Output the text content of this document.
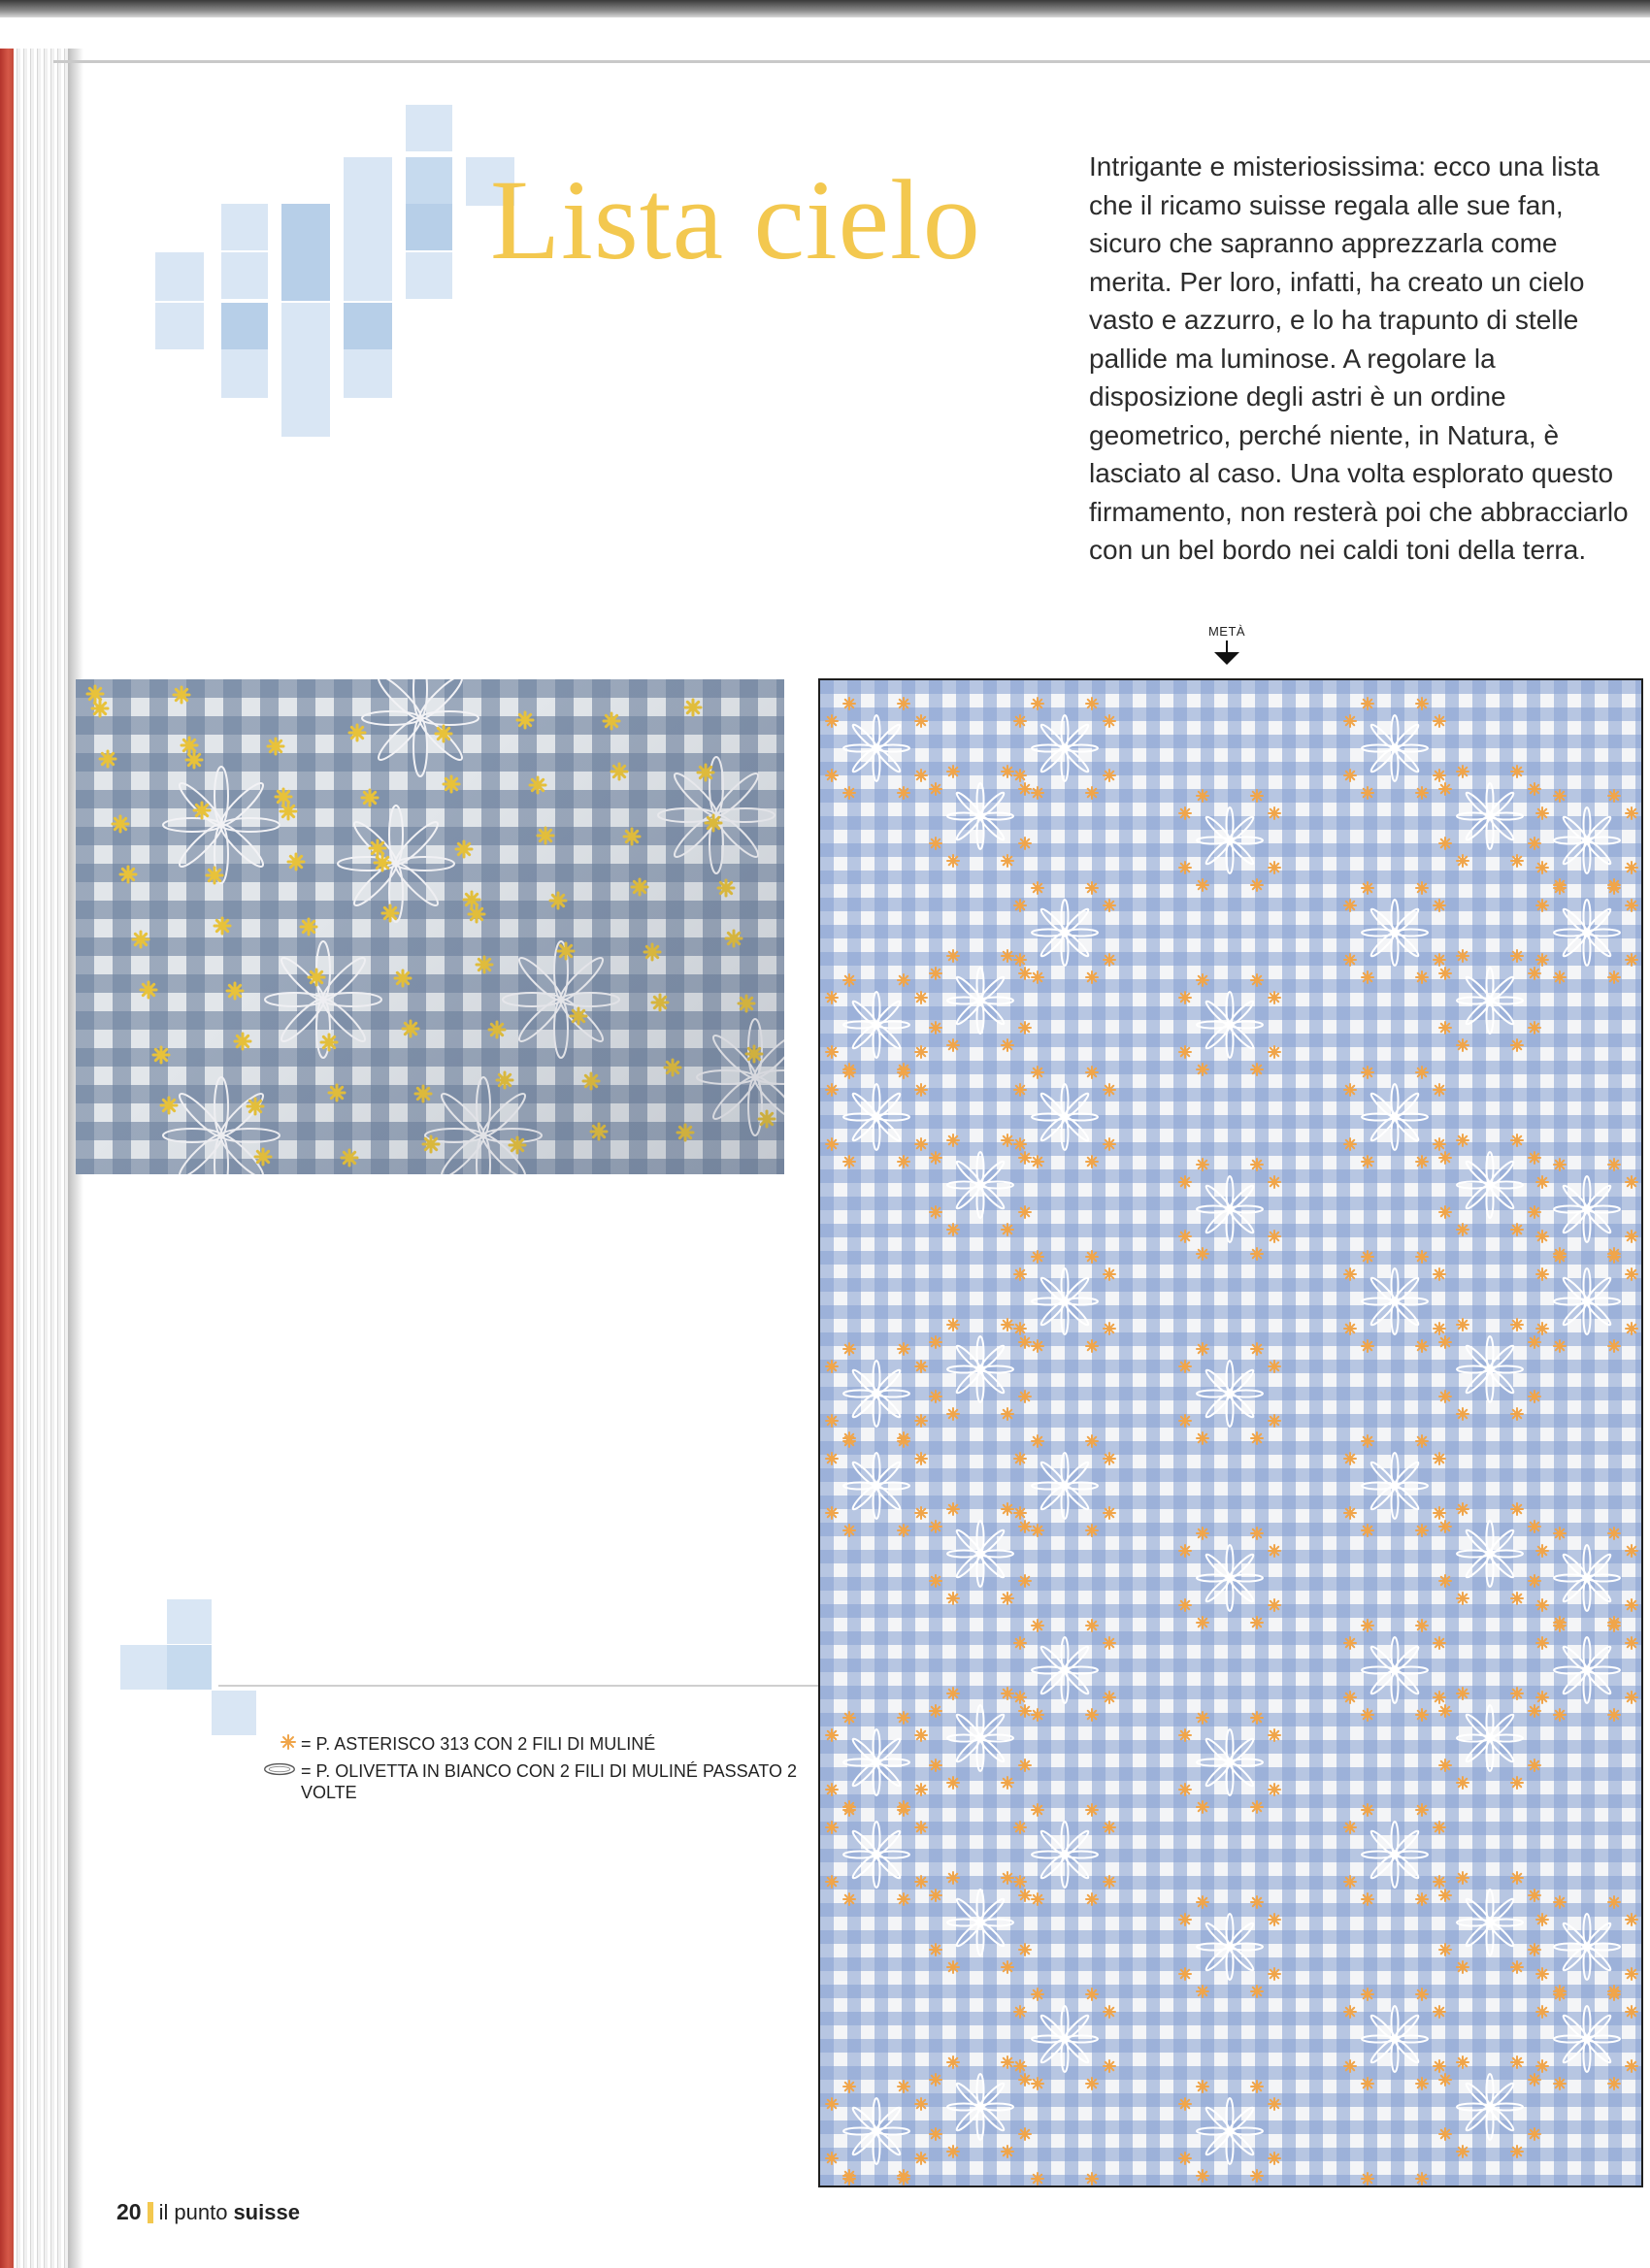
Lista cielo	Intrigante e misteriosissima: ecco una lista che il ricamo suisse regala alle sue fan, sicuro che sapranno apprezzarla come merita. Per loro, infatti, ha creato un cielo vasto e azzurro, e lo ha trapunto di stelle pallide ma luminose. A regolare la disposizione degli astri è un ordine geometrico, perché niente, in Natura, è lasciato al caso. Una volta esplorato questo firmamento, non resterà poi che abbracciarlo con un bel bordo nei caldi toni della terra.

METÀ
= P. ASTERISCO 313 CON 2 FILI DI MULINÉ
= P. OLIVETTA IN BIANCO CON 2 FILI DI MULINÉ PASSATO 2 VOLTE
20 il punto suisse
